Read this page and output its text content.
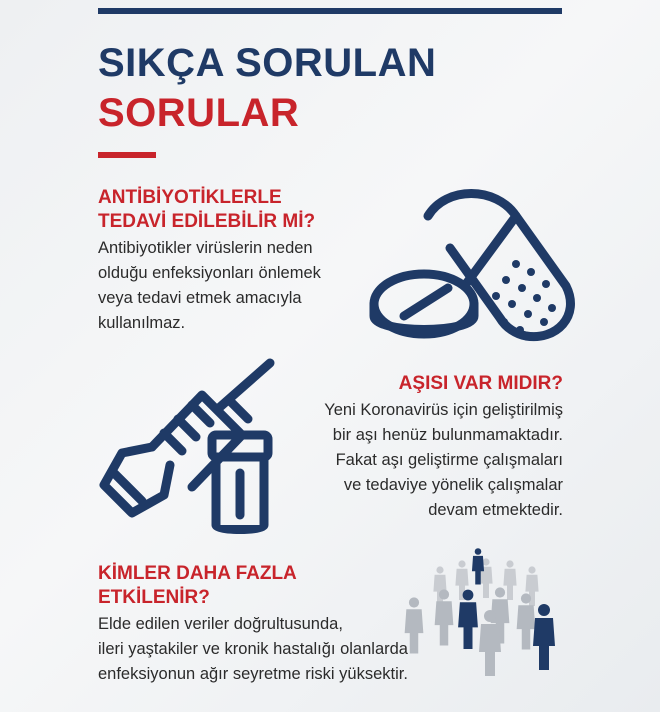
SIKÇA SORULAN
SORULAR
ANTİBİYOTİKLERLE
TEDAVİ EDİLEBİLİR Mİ?
Antibiyotikler virüslerin neden
olduğu enfeksiyonları önlemek
veya tedavi etmek amacıyla
kullanılmaz.
AŞISI VAR MIDIR?
Yeni Koronavirüs için geliştirilmiş
bir aşı henüz bulunmamaktadır.
Fakat aşı geliştirme çalışmaları
ve tedaviye yönelik çalışmalar
devam etmektedir.
KİMLER DAHA FAZLA
ETKİLENİR?
Elde edilen veriler doğrultusunda,
ileri yaştakiler ve kronik hastalığı olanlarda
enfeksiyonun ağır seyretme riski yüksektir.
